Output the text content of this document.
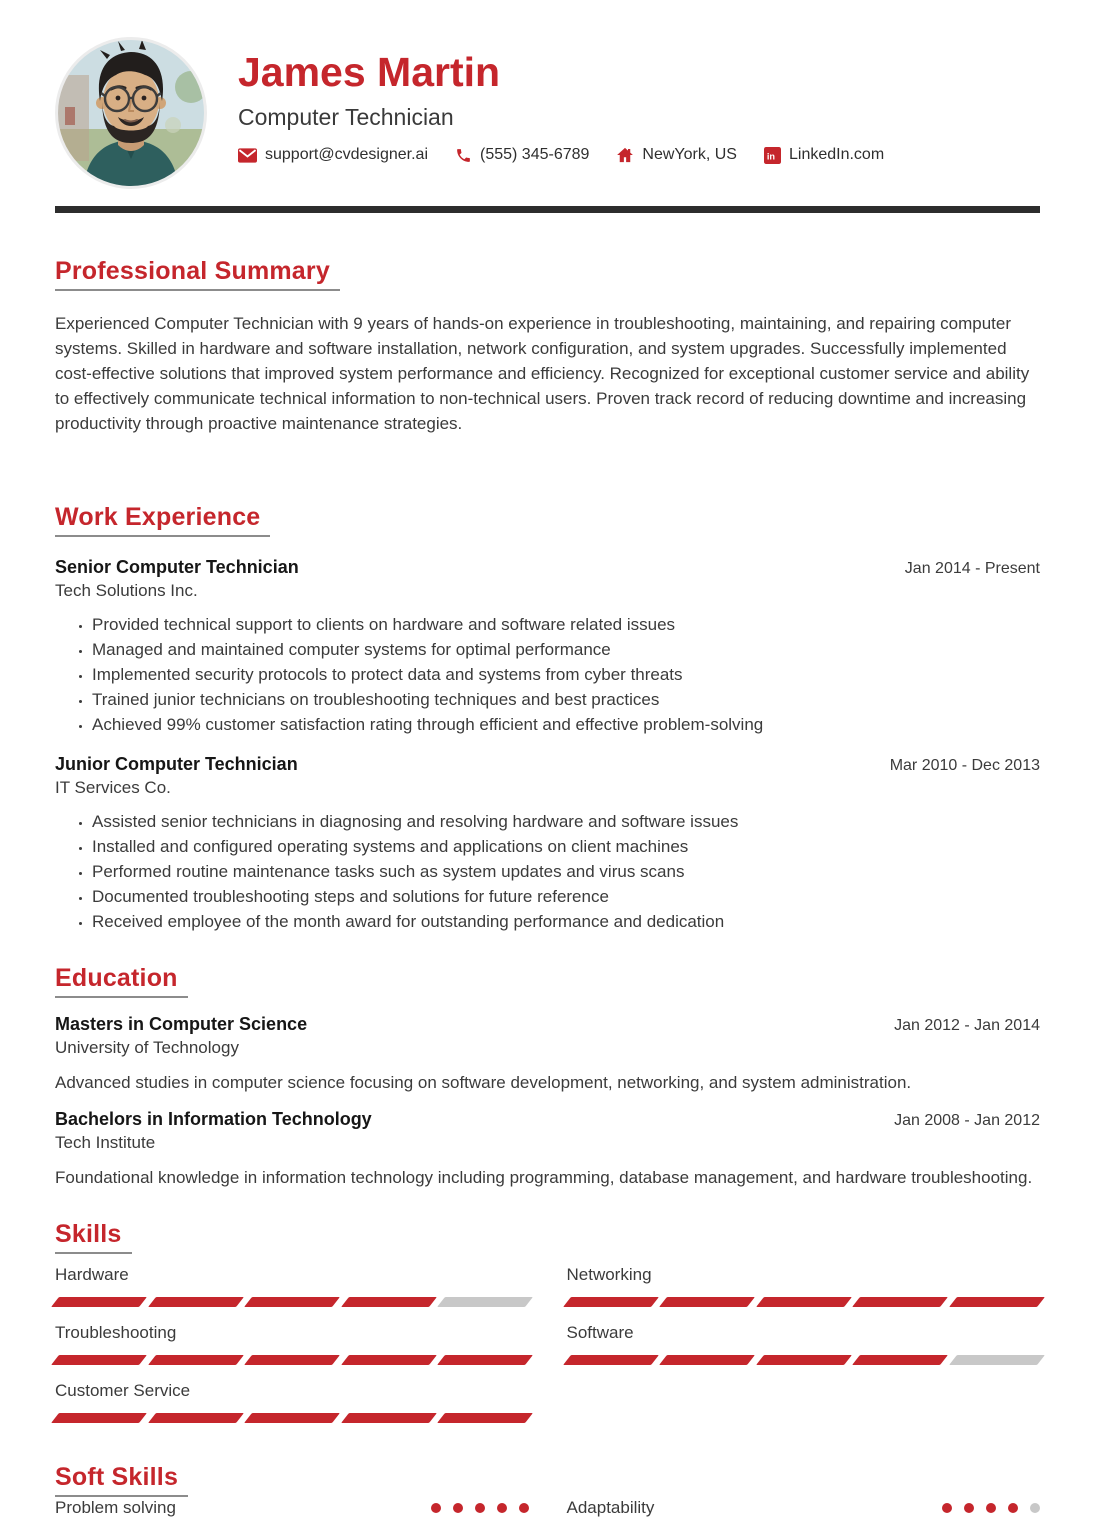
James Martin
Computer Technician
support@cvdesigner.ai	(555) 345-6789	NewYork, US in LinkedIn.com
Professional Summary

Experienced Computer Technician with 9 years of hands-on experience in troubleshooting, maintaining, and repairing computer systems. Skilled in hardware and software installation, network configuration, and system upgrades. Successfully implemented cost-effective solutions that improved system performance and efficiency. Recognized for exceptional customer service and ability to effectively communicate technical information to non-technical users. Proven track record of reducing downtime and increasing productivity through proactive maintenance strategies.

Work Experience
Senior Computer Technician	Jan 2014 - Present
Tech Solutions Inc.
• Provided technical support to clients on hardware and software related issues
• Managed and maintained computer systems for optimal performance
• Implemented security protocols to protect data and systems from cyber threats
• Trained junior technicians on troubleshooting techniques and best practices
• Achieved 99% customer satisfaction rating through efficient and effective problem-solving
Junior Computer Technician	Mar 2010 - Dec 2013
IT Services Co.
• Assisted senior technicians in diagnosing and resolving hardware and software issues
• Installed and configured operating systems and applications on client machines
• Performed routine maintenance tasks such as system updates and virus scans
• Documented troubleshooting steps and solutions for future reference
• Received employee of the month award for outstanding performance and dedication
Education
Masters in Computer Science	Jan 2012 - Jan 2014
University of Technology

Advanced studies in computer science focusing on software development, networking, and system administration.

Bachelors in Information Technology	Jan 2008 - Jan 2012
Tech Institute

Foundational knowledge in information technology including programming, database management, and hardware troubleshooting.

Skills
Hardware	Networking
Troubleshooting	Software
Customer Service
Soft Skills
Problem solving	Adaptability
